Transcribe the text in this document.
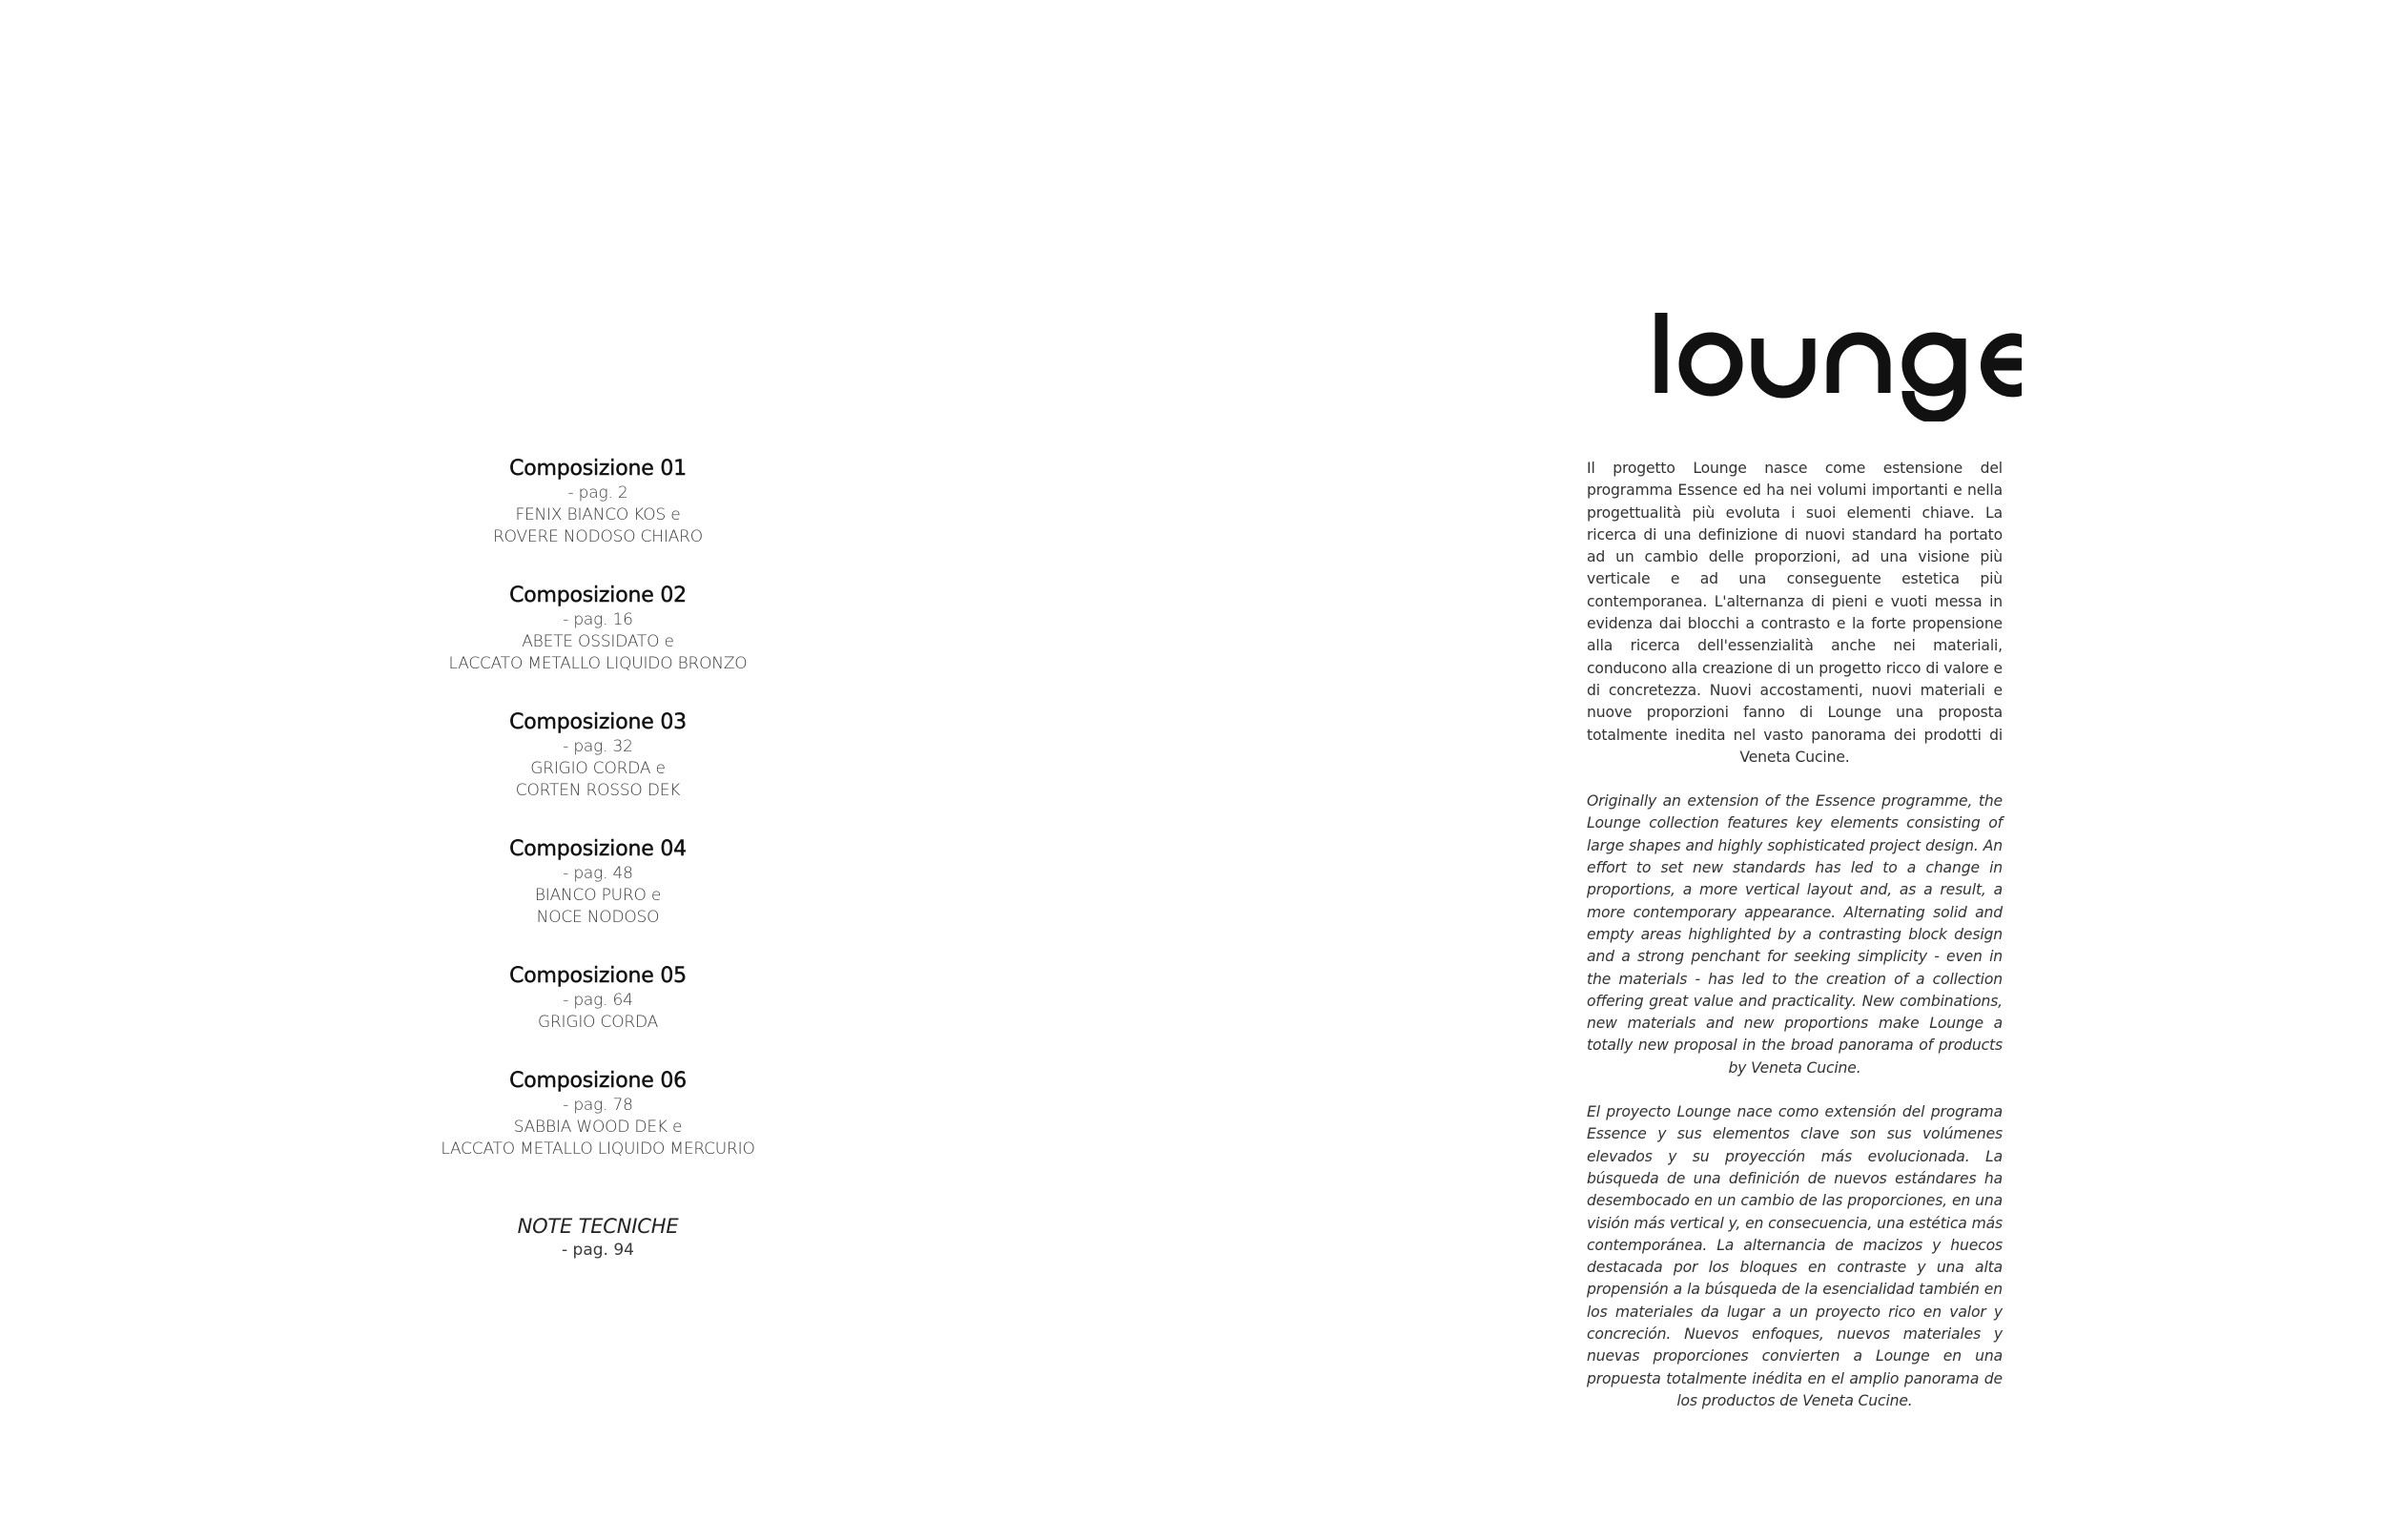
Composizione 01
- pag. 2
FENIX BIANCO KOS e
ROVERE NODOSO CHIARO
Composizione 02
- pag. 16
ABETE OSSIDATO e
LACCATO METALLO LIQUIDO BRONZO
Composizione 03
- pag. 32
GRIGIO CORDA e
CORTEN ROSSO DEK
Composizione 04
- pag. 48
BIANCO PURO e
NOCE NODOSO
Composizione 05
- pag. 64
GRIGIO CORDA
Composizione 06
- pag. 78
SABBIA WOOD DEK e
LACCATO METALLO LIQUIDO MERCURIO
NOTE TECNICHE
- pag. 94

Il progetto Lounge nasce come estensione del programma Essence ed ha nei volumi importanti e nella progettualità più evoluta i suoi elementi chiave. La ricerca di una definizione di nuovi standard ha portato ad un cambio delle proporzioni, ad una visione più verticale e ad una conseguente estetica più contemporanea. L'alternanza di pieni e vuoti messa in evidenza dai blocchi a contrasto e la forte propensione alla ricerca dell'essenzialità anche nei materiali, conducono alla creazione di un progetto ricco di valore e di concretezza. Nuovi accostamenti, nuovi materiali e nuove proporzioni fanno di Lounge una proposta totalmente inedita nel vasto panorama dei prodotti di Veneta Cucine.

Originally an extension of the Essence programme, the Lounge collection features key elements consisting of large shapes and highly sophisticated project design. An effort to set new standards has led to a change in proportions, a more vertical layout and, as a result, a more contemporary appearance. Alternating solid and empty areas highlighted by a contrasting block design and a strong penchant for seeking simplicity - even in the materials - has led to the creation of a collection offering great value and practicality. New combinations, new materials and new proportions make Lounge a totally new proposal in the broad panorama of products by Veneta Cucine.

El proyecto Lounge nace como extensión del programa Essence y sus elementos clave son sus volúmenes elevados y su proyección más evolucionada. La búsqueda de una definición de nuevos estándares ha desembocado en un cambio de las proporciones, en una visión más vertical y, en consecuencia, una estética más contemporánea. La alternancia de macizos y huecos destacada por los bloques en contraste y una alta propensión a la búsqueda de la esencialidad también en los materiales da lugar a un proyecto rico en valor y concreción. Nuevos enfoques, nuevos materiales y nuevas proporciones convierten a Lounge en una propuesta totalmente inédita en el amplio panorama de los productos de Veneta Cucine.
